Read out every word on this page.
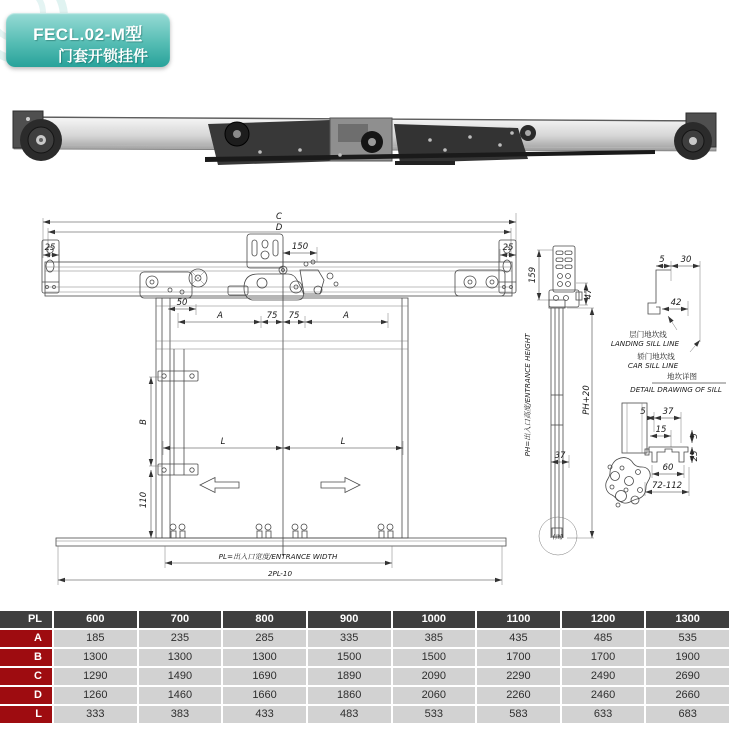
FECL.02-M型
门套开锁挂件
C
D
25	25
150
50
A	75 75	A
B
110
L	L
PL=出入口宽度/ENTRANCE WIDTH
2PL-10
159
47
PH=出入口高度/ENTRANCE HEIGHT	PH+20
37
(图)
5 30
42
层门地坎线
LANDING SILL LINE
轿门地坎线
CAR SILL LINE
地坎详图
DETAIL DRAWING OF SILL
5 37
15
5
25
60
72-112
PL	600	700	800	900	1000	1100	1200	1300
A	185	235	285	335	385	435	485	535
B	1300	1300	1300	1500	1500	1700	1700	1900
C	1290	1490	1690	1890	2090	2290	2490	2690
D	1260	1460	1660	1860	2060	2260	2460	2660
L	333	383	433	483	533	583	633	683
